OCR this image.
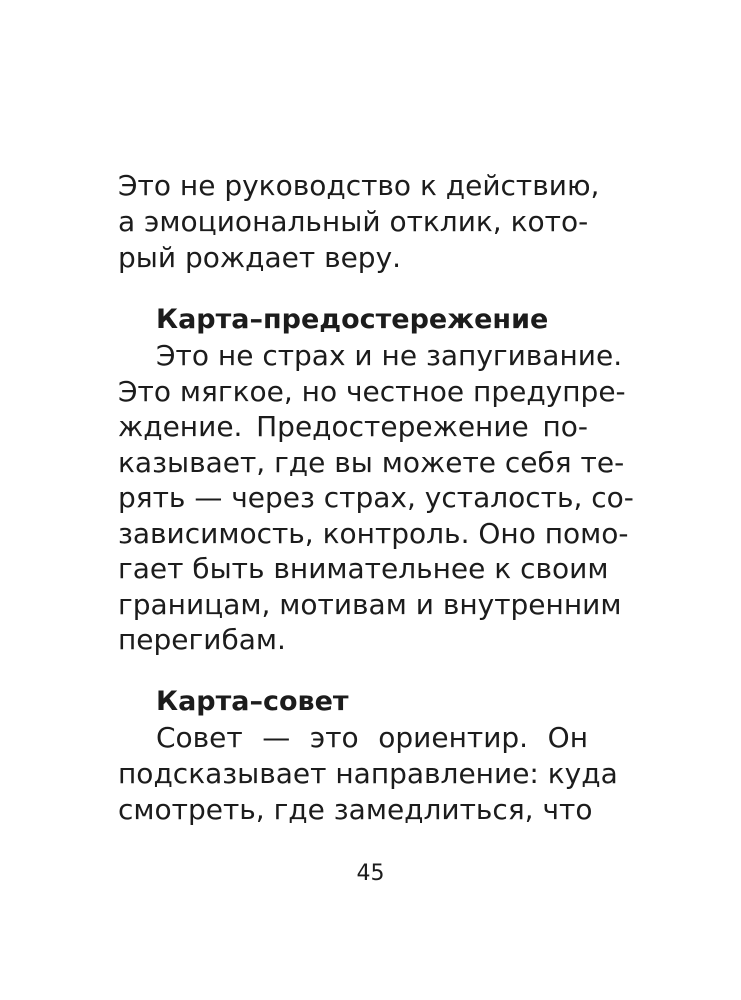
Это не руководство к действию,
а эмоциональный отклик, кото-
рый рождает веру.
Карта–предостережение
Это не страх и не запугивание.
Это мягкое, но честное предупре-
ждение. Предостережение по-
казывает, где вы можете себя те-
рять — через страх, усталость, со-
зависимость, контроль. Оно помо-
гает быть внимательнее к своим
границам, мотивам и внутренним
перегибам.
Карта–совет
Совет — это ориентир. Он
подсказывает направление: куда
смотреть, где замедлиться, что
45
